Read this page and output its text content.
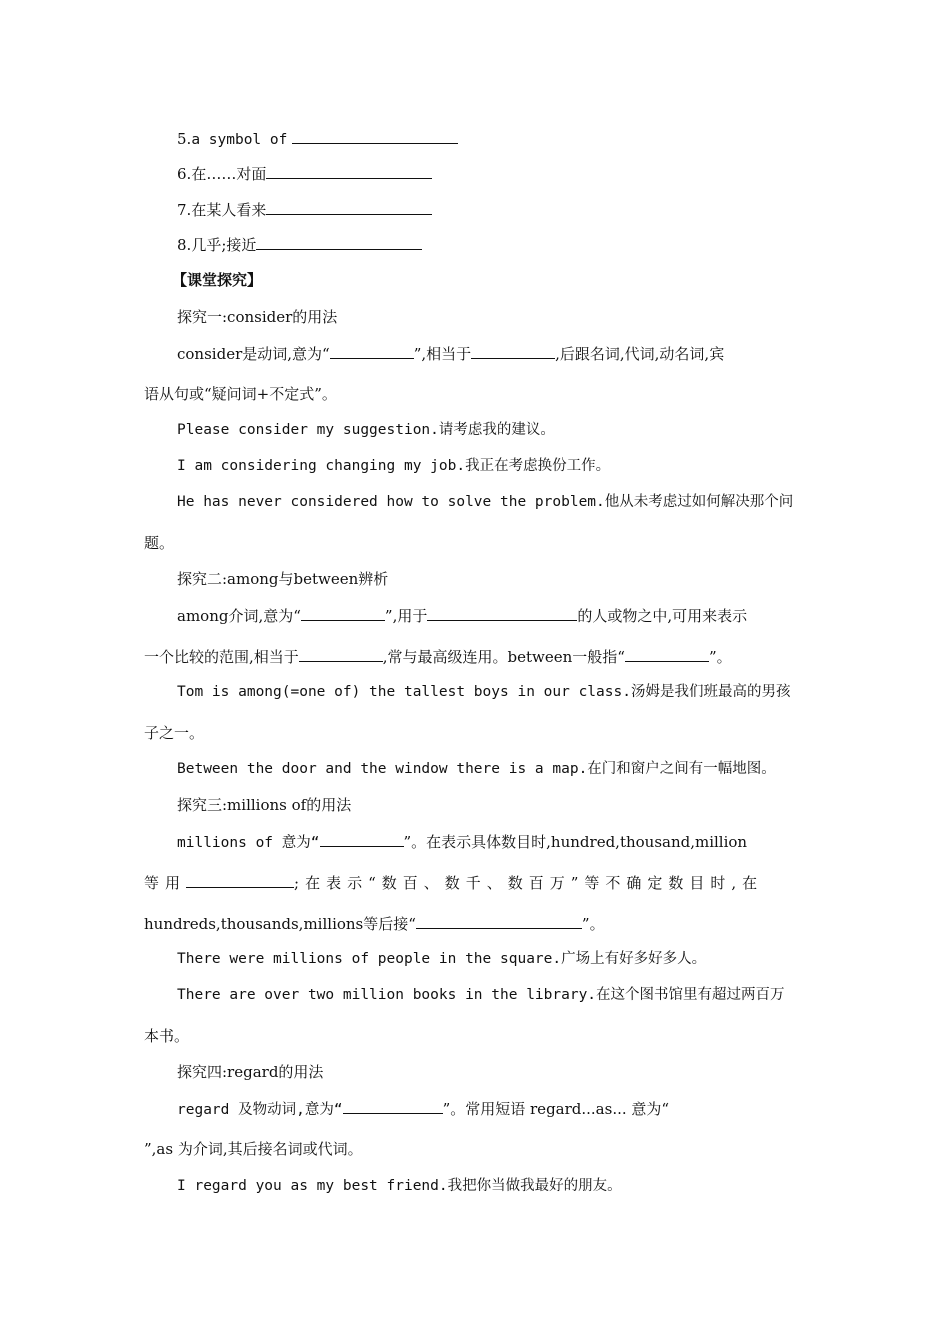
5.a symbol of
6.在……对面
7.在某人看来
8.几乎;接近
【课堂探究】
探究一:consider的用法
consider是动词,意为“	”,相当于	,后跟名词,代词,动名词,宾
语从句或“疑问词+不定式”。
Please consider my suggestion.请考虑我的建议。
I am considering changing my job.我正在考虑换份工作。
He has never considered how to solve the problem.他从未考虑过如何解决那个问
题。
探究二:among与between辨析
among介词,意为“	”,用于	的人或物之中,可用来表示
一个比较的范围,相当于	,常与最高级连用。between一般指“	”。
Tom is among(=one of) the tallest boys in our class.汤姆是我们班最高的男孩
子之一。
Between the door and the window there is a map.在门和窗户之间有一幅地图。
探究三:millions of的用法
millions of 意为“	”。在表示具体数目时,hundred,thousand,million
等用	;在表示“数百、数千、数百万”等不确定数目时,在
hundreds,thousands,millions等后接“	”。
There were millions of people in the square.广场上有好多好多人。
There are over two million books in the library.在这个图书馆里有超过两百万
本书。
探究四:regard的用法
regard 及物动词,意为“	”。常用短语 regard...as... 意为“
”,as 为介词,其后接名词或代词。
I regard you as my best friend.我把你当做我最好的朋友。
